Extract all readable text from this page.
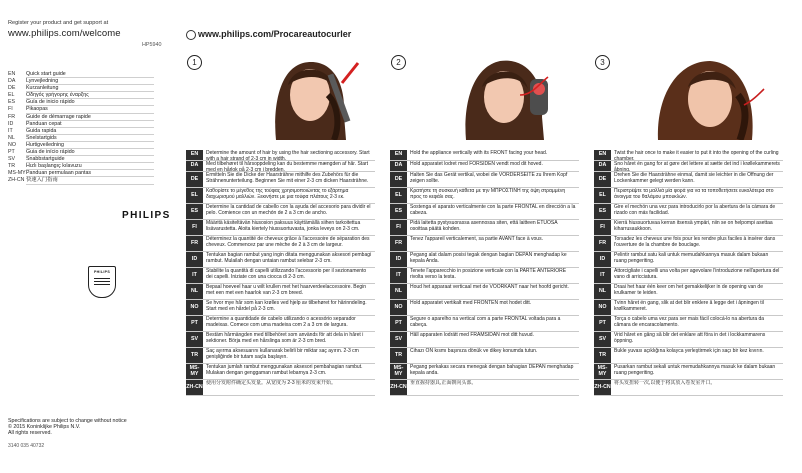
Register your product and get support at
www.philips.com/welcome
HP5940
www.philips.com/Procareautocurler
EN	Quick start guide
DA	Lynvejledning
DE	Kurzanleitung
EL	Οδηγός γρήγορης έναρξης
ES	Guía de inicio rápido
FI	Pikaopas
FR	Guide de démarrage rapide
ID	Panduan cepat
IT	Guida rapida
NL	Snelstartgids
NO	Hurtigveiledning
PT	Guia de início rápido
SV	Snabbstartguide
TR	Hızlı başlangıç kılavuzu
MS-MY Panduan permulaan pantas
ZH-CN 快速入门指南
PHILIPS
PHILIPS
Specifications are subject to change without notice
© 2015 Koninklijke Philips N.V.
All rights reserved.
3140 035 40732
1
EN	Determine the amount of hair by using the hair sectioning accessory. Start with a hair strand of 2-3 cm in width.
DA	Med tilbehøret til hårsoppdeling kan du bestemme mængden af hår. Start med en hårlok på 2-3 cm i bredden.
DE
Ermitteln Sie die Dicke der Haarsträhne mithilfe des Zubehörs für die Strähnenunterteilung. Beginnen Sie mit einer 2-3 cm dicken Haarsträhne.
EL
Καθορίστε το μέγεθος της τούφας χρησιμοποιώντας το εξάρτημα διαχωρισμού μαλλιών. Ξεκινήστε με μια τούφα πλάτους 2-3 εκ.
ES
Determine la cantidad de cabello con la ayuda del accesorio para dividir el pelo. Comience con un mechón de 2 a 3 cm de ancho.
FI
Määritä käsiteltävän hiusosion paksuus käyttämällä siihen tarkoitettua lisävarustetta. Aloita kiertely hiussuortuvasta, jonka leveys on 2-3 cm.
FR
Déterminez la quantité de cheveux grâce à l'accessoire de séparation des cheveux. Commencez par une mèche de 2 à 3 cm de largeur.
ID
Tentukan bagian rambut yang ingin ditata menggunakan aksesori pembagi rambut. Mulailah dengan untaian rambut selebar 2-3 cm.
IT
Stabilite la quantità di capelli utilizzando l'accessorio per il sezionamento dei capelli. Iniziate con una ciocca di 2-3 cm.
NL
Bepaal hoeveel haar u wilt krullen met het haarverdeelaccessoire. Begin met een met een haarlok van 2-3 cm breed.
NO
Se hvor mye hår som kan krølles ved hjelp av tilbehøret for hårinndeling. Start med en hårdel på 2-3 cm.
PT
Determine a quantidade de cabelo utilizando o acessório separador madeixas. Comece com uma madeixa com 2 a 3 cm de largura.
SV
Bestäm hårmängden med tillbehöret som används för att dela in håret i sektioner. Börja med en hårslinga som är 2-3 cm bred.
TR
Saç ayırma aksesuarını kullanarak belirli bir miktar saç ayırın. 2-3 cm genişliğinde bir tutam saçla başlayın.
MS-MY
Tentukan jumlah rambut menggunakan aksesori pembahagian rambut. Mulakan dengan genggaman rambut lebarnya 2-3 cm.
ZH-CN
使用分发附件确定头发量。从宽度为 2-3 厘米的发束开始。
2
EN	Hold the appliance vertically with its FRONT facing your head.
DA	Hold apparatet lodret med FORSIDEN vendt mod dit hoved.
DE
Halten Sie das Gerät vertikal, wobei die VORDERSEITE zu Ihrem Kopf zeigen sollte.
EL
Κρατήστε τη συσκευή κάθετα με την ΜΠΡΟΣΤΙΝΗ της όψη στραμμένη προς το κεφάλι σας.
ES
Sostenga el aparato verticalmente con la parte FRONTAL en dirección a la cabeza.
FI
Pidä laitetta pystysuorassa asennossa siten, että laitteen ETUOSA osoittaa päätä kohden.
FR
Tenez l'appareil verticalement, sa partie AVANT face à vous.
ID
Pegang alat dalam posisi tegak dengan bagian DEPAN menghadap ke kepala Anda.
IT
Tenete l'apparecchio in posizione verticale con la PARTE ANTERIORE rivolta verso la testa.
NL
Houd het apparaat verticaal met de VOORKANT naar het hoofd gericht.
NO
Hold apparatet vertikalt med FRONTEN mot hodet ditt.
PT
Segure o aparelho na vertical com a parte FRONTAL voltada para a cabeça.
SV
Håll apparaten lodrätt med FRAMSIDAN mot ditt huvud.
TR
Cihazı ÖN kısmı başınıza dönük ve dikey konumda tutun.
MS-MY
Pegang perkakas secara menegak dengan bahagian DEPAN menghadap kepala anda.
ZH-CN
垂直握持器具,正面朝向头部。
3
EN	Twist the hair once to make it easier to put it into the opening of the curling chamber.
DA	Sno håret én gang for at gøre det lettere at sætte det ind i krøllekammerets åbning.
DE
Drehen Sie die Haarsträhne einmal, damit sie leichter in die Öffnung der Lockenkammer gelegt werden kann.
EL
Περιστρέψτε τα μαλλιά μία φορά για να τα τοποθετήσετε ευκολότερα στο άνοιγμα του θαλάμου μπουκλών.
ES
Gire el mechón una vez para introducirlo por la abertura de la cámara de rizado con más facilidad.
FI
Kierrä hiussuortuvaa kerran itsensä ympäri, niin se on helpompi asettaa kiharrusaukkoon.
FR
Torsadez les cheveux une fois pour les rendre plus faciles à insérer dans l'ouverture de la chambre de bouclage.
ID
Pelintir rambut satu kali untuk memudahkannya masuk dalam bukaan ruang pengeriting.
IT
Attorcigliate i capelli una volta per agevolare l'introduzione nell'apertura del vano di arricciatura.
NL
Draai het haar één keer om het gemakkelijker in de opening van de krulkamer te leiden.
NO
Tvinn håret én gang, slik at det blir enklere å legge det i åpningen til krøllkammeret.
PT
Torça o cabelo uma vez para ser mais fácil colocá-lo na abertura da câmara de encaracolamento.
SV
Vrid håret en gång så blir det enklare att föra in det i lockkammarens öppning.
TR
Bukle yuvası açıklığına kolayca yerleştirmek için saçı bir kez kıvırın.
MS-MY
Pusarkan rambut sekali untuk memudahkannya masuk ke dalam bukaan ruang pengeriting.
ZH-CN
将头发扭转一次,以便于将其放入卷发室开口。
